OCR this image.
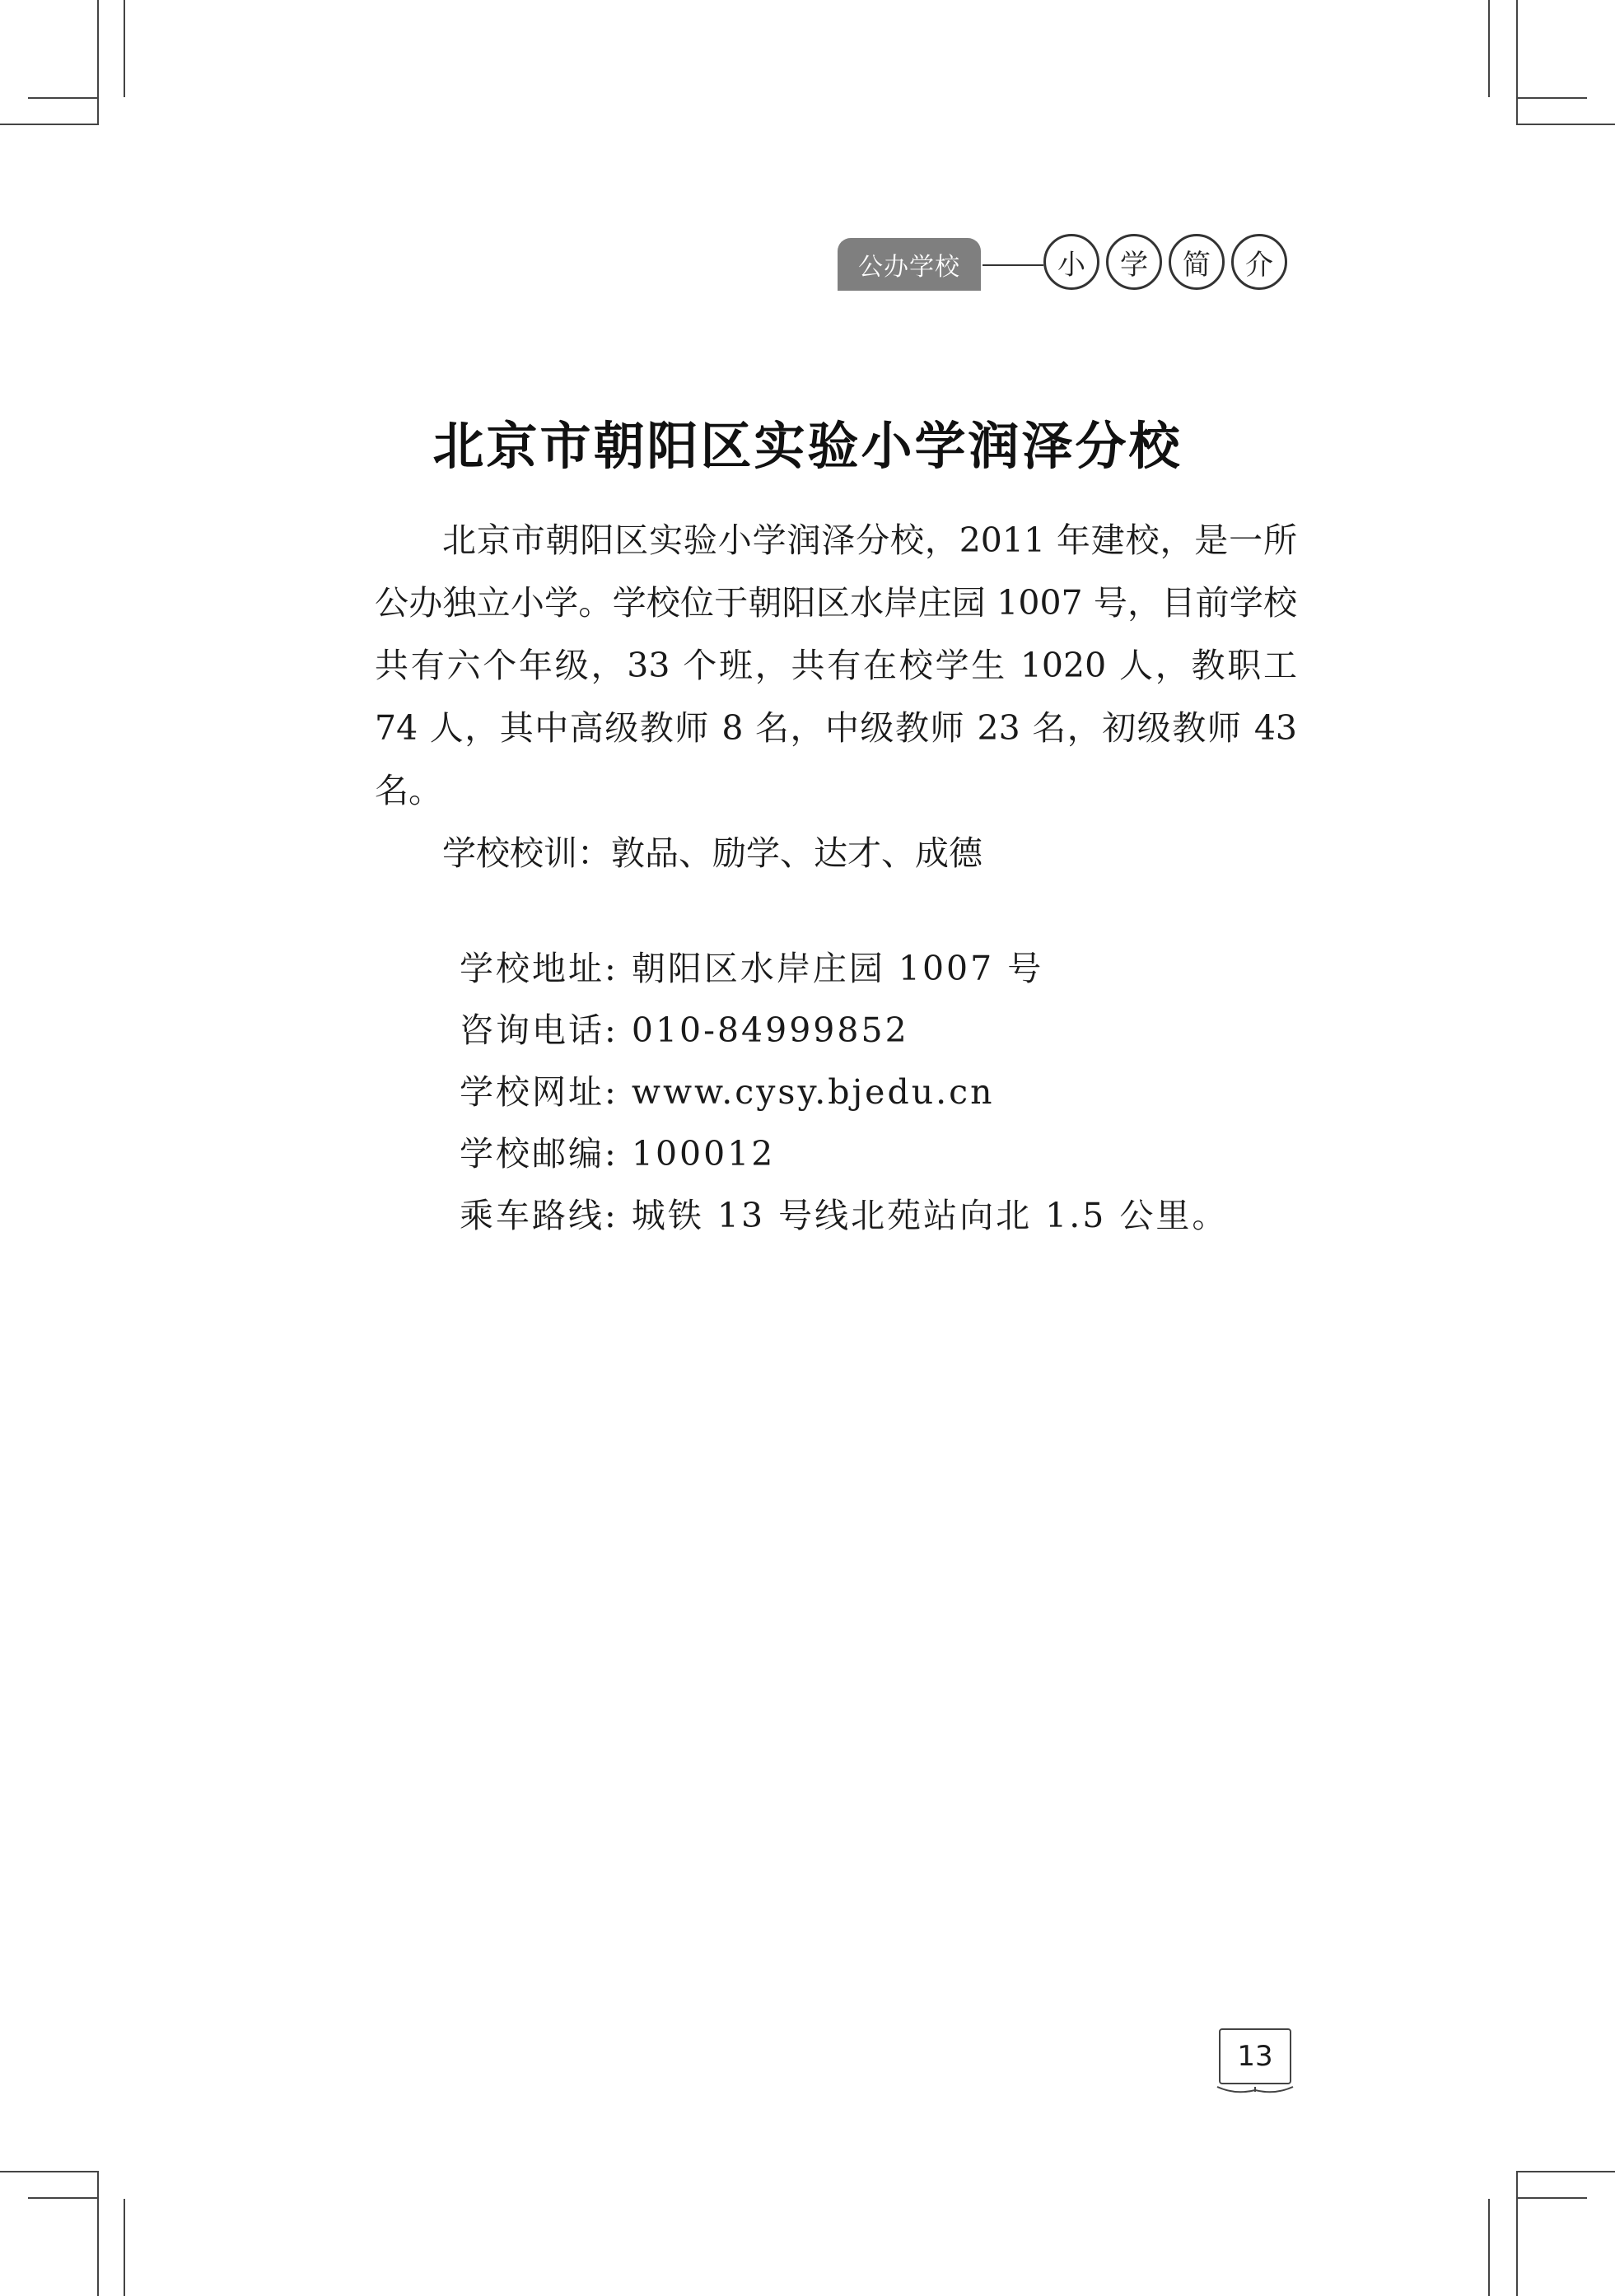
公办学校	小	学	简	介
北京市朝阳区实验小学润泽分校

北京市朝阳区实验小学润泽分校，2011 年建校，是一所公办独立小学。学校位于朝阳区水岸庄园 1007 号，目前学校共有六个年级，33 个班，共有在校学生 1020 人，教职工 74 人，其中高级教师 8 名，中级教师 23 名，初级教师 43 名。

学校校训：敦品、励学、达才、成德

学校地址: 朝阳区水岸庄园 1007 号
咨询电话: 010-84999852
学校网址: www.cysy.bjedu.cn
学校邮编: 100012
乘车路线: 城铁 13 号线北苑站向北 1.5 公里。
13
